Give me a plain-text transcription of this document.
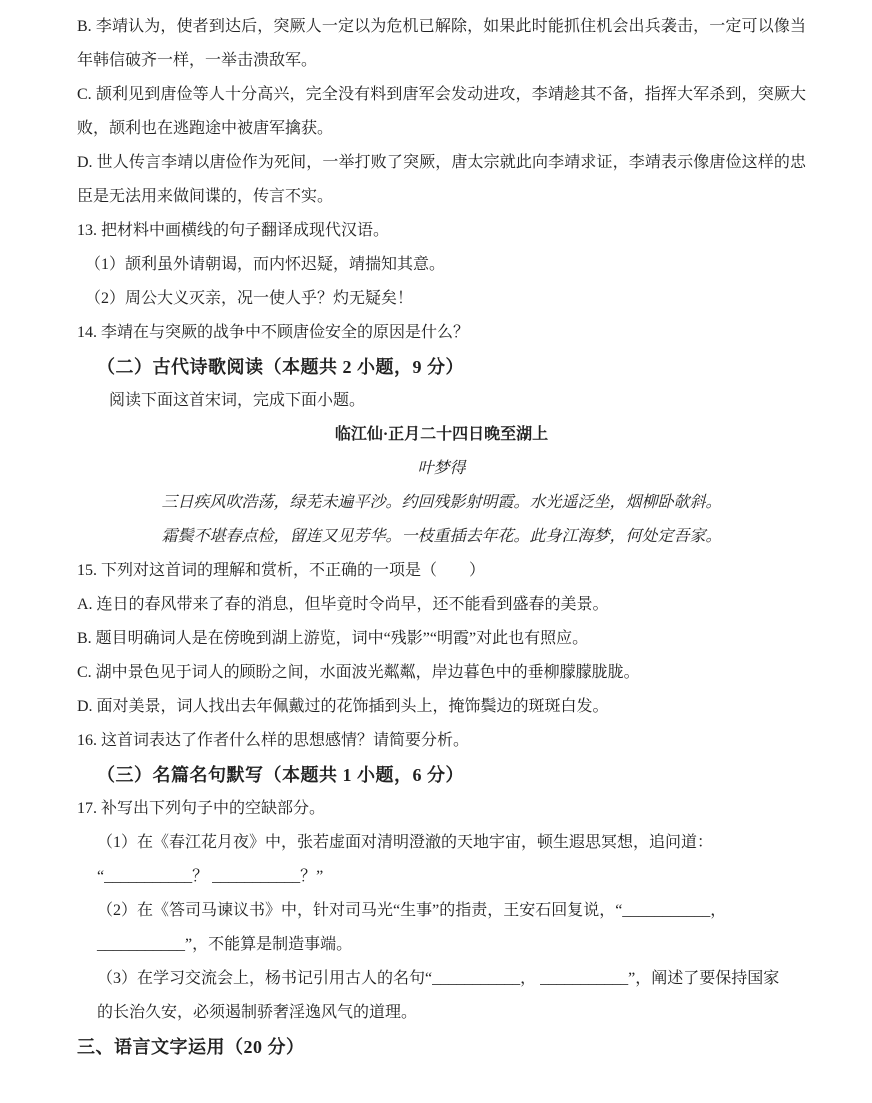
B. 李靖认为，使者到达后，突厥人一定以为危机已解除，如果此时能抓住机会出兵袭击，一定可以像当年韩信破齐一样，一举击溃敌军。
C. 颉利见到唐俭等人十分高兴，完全没有料到唐军会发动进攻，李靖趁其不备，指挥大军杀到，突厥大败，颉利也在逃跑途中被唐军擒获。
D. 世人传言李靖以唐俭作为死间，一举打败了突厥，唐太宗就此向李靖求证，李靖表示像唐俭这样的忠臣是无法用来做间谍的，传言不实。
13. 把材料中画横线的句子翻译成现代汉语。
（1）颉利虽外请朝谒，而内怀迟疑，靖揣知其意。
（2）周公大义灭亲，况一使人乎？灼无疑矣！
14. 李靖在与突厥的战争中不顾唐俭安全的原因是什么？
（二）古代诗歌阅读（本题共 2 小题，9 分）
阅读下面这首宋词，完成下面小题。
临江仙·正月二十四日晚至湖上
叶梦得
三日疾风吹浩荡，绿芜未遍平沙。约回残影射明霞。水光遥泛坐，烟柳卧欹斜。
霜鬓不堪春点检，留连又见芳华。一枝重插去年花。此身江海梦，何处定吾家。
15. 下列对这首词的理解和赏析，不正确的一项是（　　）
A. 连日的春风带来了春的消息，但毕竟时令尚早，还不能看到盛春的美景。
B. 题目明确词人是在傍晚到湖上游览，词中“残影”“明霞”对此也有照应。
C. 湖中景色见于词人的顾盼之间，水面波光粼粼，岸边暮色中的垂柳朦朦胧胧。
D. 面对美景，词人找出去年佩戴过的花饰插到头上，掩饰鬓边的斑斑白发。
16. 这首词表达了作者什么样的思想感情？请简要分析。
（三）名篇名句默写（本题共 1 小题，6 分）
17. 补写出下列句子中的空缺部分。
（1）在《春江花月夜》中，张若虚面对清明澄澈的天地宇宙，顿生遐思冥想，追问道：
“___________？ ___________？”
（2）在《答司马谏议书》中，针对司马光“生事”的指责，王安石回复说，“___________，
___________”，不能算是制造事端。
（3）在学习交流会上，杨书记引用古人的名句“___________， ___________”，阐述了要保持国家
的长治久安，必须遏制骄奢淫逸风气的道理。
三、语言文字运用（20 分）
